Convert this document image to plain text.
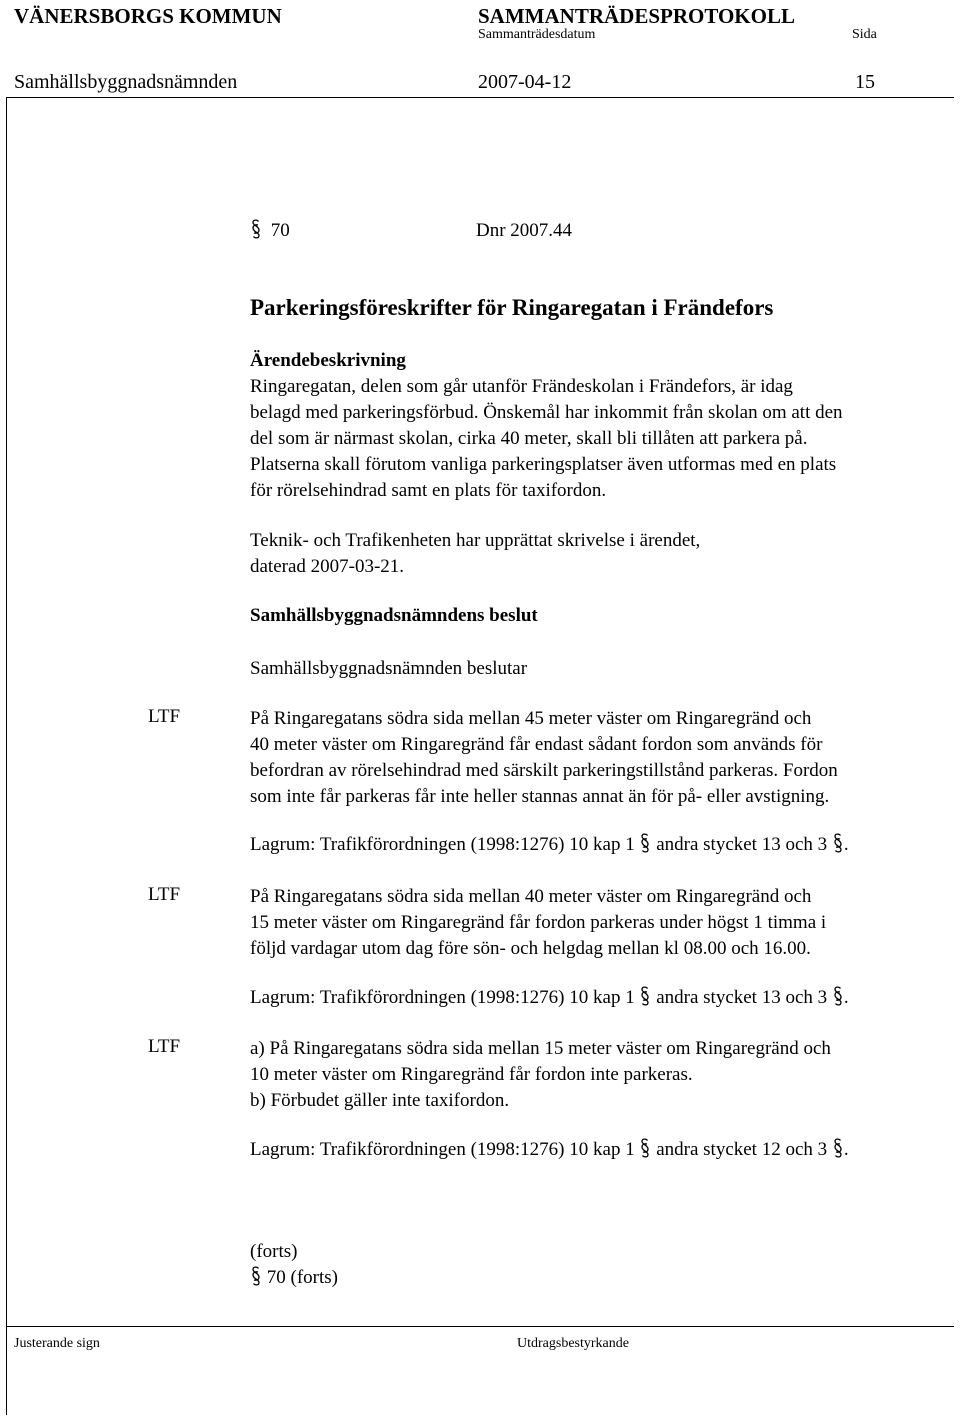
VÄNERSBORGS KOMMUN	SAMMANTRÄDESPROTOKOLL
Sammanträdesdatum	Sida
Samhällsbyggnadsnämnden	2007-04-12	15
70	Dnr 2007.44
Parkeringsföreskrifter för Ringaregatan i Frändefors
Ärendebeskrivning
Ringaregatan, delen som går utanför Frändeskolan i Frändefors, är idag
belagd med parkeringsförbud. Önskemål har inkommit från skolan om att den
del som är närmast skolan, cirka 40 meter, skall bli tillåten att parkera på.
Platserna skall förutom vanliga parkeringsplatser även utformas med en plats
för rörelsehindrad samt en plats för taxifordon.
Teknik- och Trafikenheten har upprättat skrivelse i ärendet,
daterad 2007-03-21.
Samhällsbyggnadsnämndens beslut
Samhällsbyggnadsnämnden beslutar
LTF	På Ringaregatans södra sida mellan 45 meter väster om Ringaregränd och
40 meter väster om Ringaregränd får endast sådant fordon som används för
befordran av rörelsehindrad med särskilt parkeringstillstånd parkeras. Fordon
som inte får parkeras får inte heller stannas annat än för på- eller avstigning.
Lagrum: Trafikförordningen (1998:1276) 10 kap 1 andra stycket 13 och 3 .
LTF	På Ringaregatans södra sida mellan 40 meter väster om Ringaregränd och
15 meter väster om Ringaregränd får fordon parkeras under högst 1 timma i
följd vardagar utom dag före sön- och helgdag mellan kl 08.00 och 16.00.
Lagrum: Trafikförordningen (1998:1276) 10 kap 1 andra stycket 13 och 3 .
LTF	a) På Ringaregatans södra sida mellan 15 meter väster om Ringaregränd och
10 meter väster om Ringaregränd får fordon inte parkeras.
b) Förbudet gäller inte taxifordon.
Lagrum: Trafikförordningen (1998:1276) 10 kap 1 andra stycket 12 och 3 .
(forts)
70 (forts)
Justerande sign	Utdragsbestyrkande
